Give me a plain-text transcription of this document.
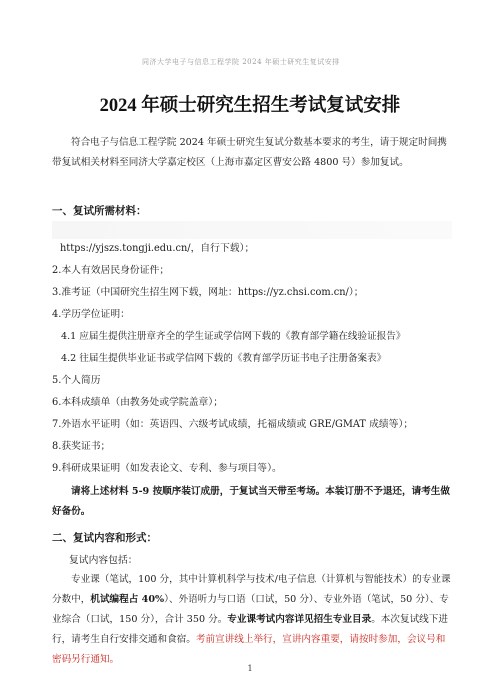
同济大学电子与信息工程学院 2024 年硕士研究生复试安排
2024 年硕士研究生招生考试复试安排
符合电子与信息工程学院 2024 年硕士研究生复试分数基本要求的考生，请于规定时间携带复试相关材料至同济大学嘉定校区（上海市嘉定区曹安公路 4800 号）参加复试。
一、复试所需材料：
https://yjszs.tongji.edu.cn/，自行下载）；
2.本人有效居民身份证件；
3.准考证（中国研究生招生网下载，网址：https://yz.chsi.com.cn/）；
4.学历学位证明：
4.1 应届生提供注册章齐全的学生证或学信网下载的《教育部学籍在线验证报告》
4.2 往届生提供毕业证书或学信网下载的《教育部学历证书电子注册备案表》
5.个人简历
6.本科成绩单（由教务处或学院盖章）；
7.外语水平证明（如：英语四、六级考试成绩，托福成绩或 GRE/GMAT 成绩等）；
8.获奖证书；
9.科研成果证明（如发表论文、专利、参与项目等）。
请将上述材料 5-9 按顺序装订成册，于复试当天带至考场。本装订册不予退还，请考生做好备份。
二、复试内容和形式：
复试内容包括：
专业课（笔试，100 分，其中计算机科学与技术/电子信息（计算机与智能技术）的专业课分数中，机试编程占 40%）、外语听力与口语（口试，50 分）、专业外语（笔试，50 分）、专业综合（口试，150 分），合计 350 分。专业课考试内容详见招生专业目录。本次复试线下进行，请考生自行安排交通和食宿。考前宣讲线上举行，宣讲内容重要，请按时参加，会议号和密码另行通知。
1
